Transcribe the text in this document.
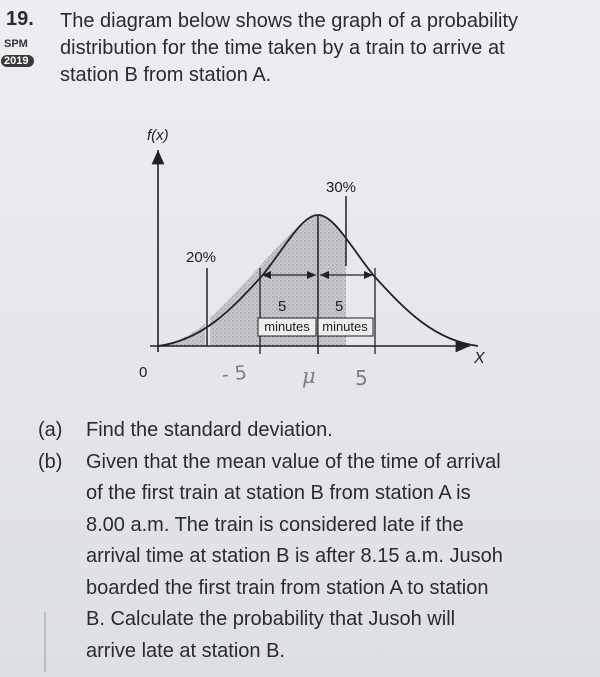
19.
SPM
2019

The diagram below shows the graph of a probability

distribution for the time taken by a train to arrive at

station B from station A.

f(x)
X
0
20%
30%
5	5
minutes minutes
- 5	μ 5
(a)	Find the standard deviation.
(b)	Given that the mean value of the time of arrival
of the first train at station B from station A is
8.00 a.m. The train is considered late if the
arrival time at station B is after 8.15 a.m. Jusoh
boarded the first train from station A to station
B. Calculate the probability that Jusoh will
arrive late at station B.
